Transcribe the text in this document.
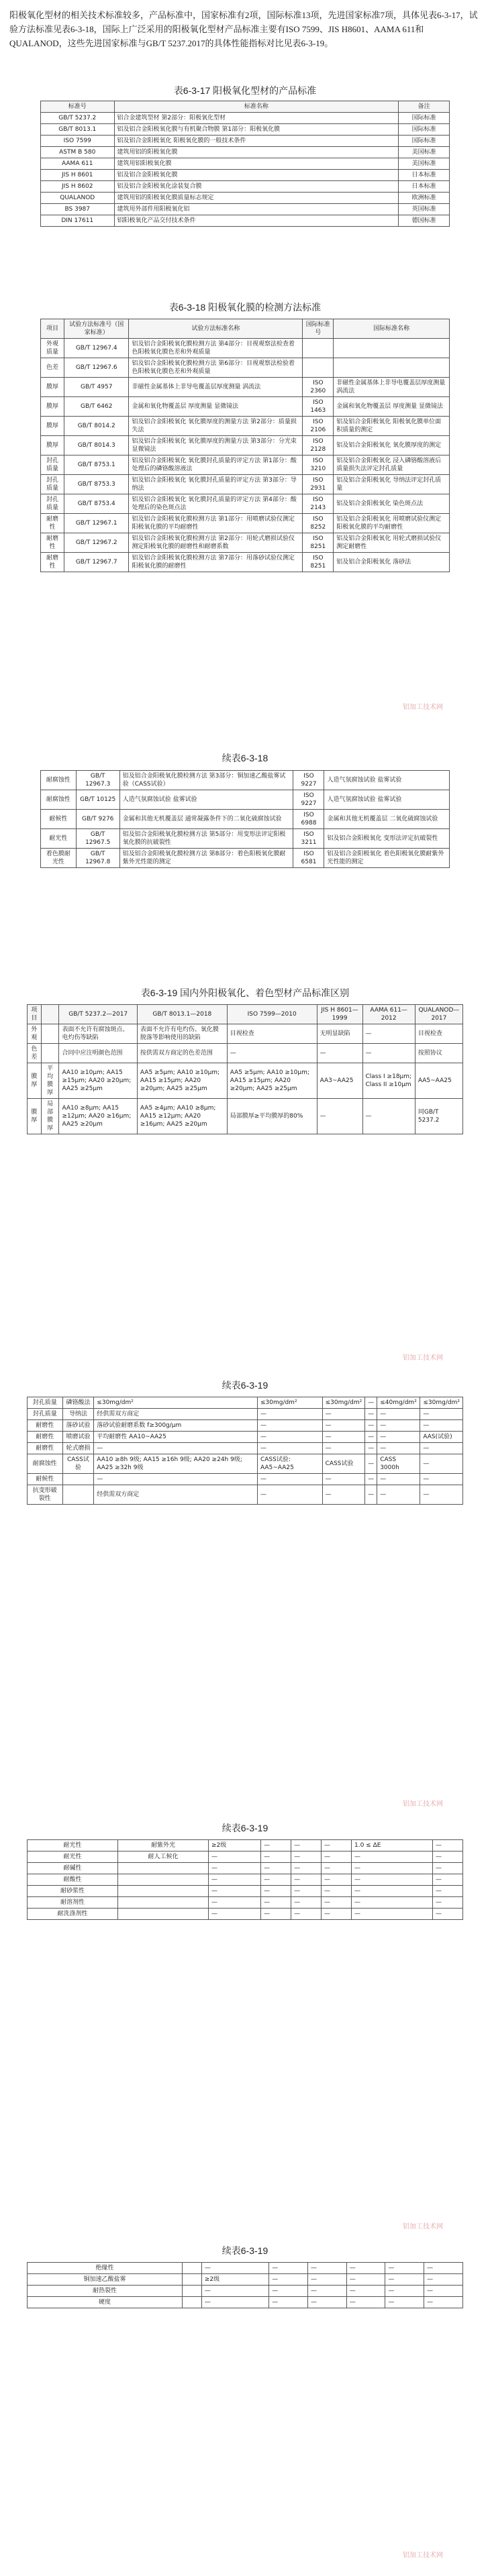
阳极氧化型材的相关技术标准较多，产品标准中，国家标准有2项，国际标准13项，先进国家标准7项，具体见表6-3-17，试验方法标准见表6-3-18，国际上广泛采用的阳极氧化型材产品标准主要有ISO 7599、JIS H8601、AAMA 611和QUALANOD，这些先进国家标准与GB/T 5237.2017的具体性能指标对比见表6-3-19。
表6-3-17 阳极氧化型材的产品标准
标准号	标准名称	备注
GB/T 5237.2	铝合金建筑型材 第2部分：阳极氧化型材	国际标准
GB/T 8013.1	铝及铝合金阳极氧化膜与有机聚合物膜 第1部分：阳极氧化膜	国际标准
ISO 7599	铝及铝合金阳极氧化 阳极氧化膜的一般技术条件	国际标准
ASTM B 580	建筑用铝的阳极氧化膜	美国标准
AAMA 611	建筑用铝阳极氧化膜	美国标准
JIS H 8601	铝及铝合金阳极氧化膜	日本标准
JIS H 8602	铝及铝合金阳极氧化涂装复合膜	日本标准
QUALANOD	建筑用铝的阳极氧化膜质量标志规定	欧洲标准
BS 3987	建筑用外部件用阳极氧化铝	英国标准
DIN 17611	铝阳极氧化产品交付技术条件	德国标准
表6-3-18 阳极氧化膜的检测方法标准
项目	试验方法标准号（国家标准）	试验方法标准名称	国际标准号	国际标准名称
外观质量	GB/T 12967.4	铝及铝合金阳极氧化膜检测方法 第4部分：目视观察法检查着色阳极氧化膜色差和外观质量		
色差	GB/T 12967.6	铝及铝合金阳极氧化膜检测方法 第6部分：目视观察法检验着色阳极氧化膜色差和外观质量		
膜厚	GB/T 4957	非磁性金属基体上非导电覆盖层厚度测量 涡流法	ISO 2360	非磁性金属基体上非导电覆盖层厚度测量 涡流法
膜厚	GB/T 6462	金属和氧化物覆盖层 厚度测量 显微镜法	ISO 1463	金属和氧化物覆盖层 厚度测量 显微镜法
膜厚	GB/T 8014.2	铝及铝合金阳极氧化 氧化膜厚度的测量方法 第2部分：质量损失法	ISO 2106	铝及铝合金阳极氧化 阳极氧化膜单位面积质量的测定
膜厚	GB/T 8014.3	铝及铝合金阳极氧化 氧化膜厚度的测量方法 第3部分：分光束显微镜法	ISO 2128	铝及铝合金阳极氧化 氧化膜厚度的测定
封孔质量	GB/T 8753.1	铝及铝合金阳极氧化 氧化膜封孔质量的评定方法 第1部分：酸处理后的磷铬酸溶液法	ISO 3210	铝及铝合金阳极氧化 浸入磷铬酸溶液后质量损失法评定封孔质量
封孔质量	GB/T 8753.3	铝及铝合金阳极氧化 氧化膜封孔质量的评定方法 第3部分：导纳法	ISO 2931	铝及铝合金阳极氧化 导纳法评定封孔质量
封孔质量	GB/T 8753.4	铝及铝合金阳极氧化 氧化膜封孔质量的评定方法 第4部分：酸处理后的染色斑点法	ISO 2143	铝及铝合金阳极氧化 染色斑点法
耐磨性	GB/T 12967.1	铝及铝合金阳极氧化膜检测方法 第1部分：用喷磨试验仪测定阳极氧化膜的平均耐磨性	ISO 8252	铝及铝合金阳极氧化 用喷磨试验仪测定阳极氧化膜的平均耐磨性
耐磨性	GB/T 12967.2	铝及铝合金阳极氧化膜检测方法 第2部分：用轮式磨损试验仪测定阳极氧化膜的耐磨性和耐磨系数	ISO 8251	铝及铝合金阳极氧化 用轮式磨损试验仪测定耐磨性
耐磨性	GB/T 12967.7	铝及铝合金阳极氧化膜检测方法 第7部分：用落砂试验仪测定阳极氧化膜的耐磨性	ISO 8251	铝及铝合金阳极氧化 落砂法
续表6-3-18
耐腐蚀性	GB/T 12967.3	铝及铝合金阳极氧化膜检测方法 第3部分：铜加速乙酸盐雾试验（CASS试验）	ISO 9227	人造气氛腐蚀试验 盐雾试验
耐腐蚀性	GB/T 10125	人造气氛腐蚀试验 盐雾试验	ISO 9227	人造气氛腐蚀试验 盐雾试验
耐候性	GB/T 9276	金属和其他无机覆盖层 通常凝露条件下的二氧化硫腐蚀试验	ISO 6988	金属和其他无机覆盖层 二氧化硫腐蚀试验
耐光性	GB/T 12967.5	铝及铝合金阳极氧化膜检测方法 第5部分：用变形法评定阳极氧化膜的抗破裂性	ISO 3211	铝及铝合金阳极氧化 变形法评定抗破裂性
着色膜耐光性	GB/T 12967.8	铝及铝合金阳极氧化膜检测方法 第8部分：着色阳极氧化膜耐紫外光性能的测定	ISO 6581	铝及铝合金阳极氧化 着色阳极氧化膜耐紫外光性能的测定
表6-3-19 国内外阳极氧化、着色型材产品标准区别
项目		GB/T 5237.2—2017	GB/T 8013.1—2018	ISO 7599—2010	JIS H 8601—1999	AAMA 611—2012	QUALANOD—2017
外观		表面不允许有腐蚀斑点、电灼伤等缺陷	表面不允许有电灼伤、氧化膜脱落等影响使用的缺陷	目视检查	无明显缺陷	—	目视检查
色差		合同中应注明颜色范围	按供需双方商定的色差范围	—	—	—	按照协议
膜厚	平均膜厚	AA10 ≥10μm; AA15 ≥15μm; AA20 ≥20μm; AA25 ≥25μm	AA5 ≥5μm; AA10 ≥10μm; AA15 ≥15μm; AA20 ≥20μm; AA25 ≥25μm	AA5 ≥5μm; AA10 ≥10μm; AA15 ≥15μm; AA20 ≥20μm; AA25 ≥25μm	AA3~AA25	Class I ≥18μm; Class II ≥10μm	AA5~AA25
膜厚	局部膜厚	AA10 ≥8μm; AA15 ≥12μm; AA20 ≥16μm; AA25 ≥20μm	AA5 ≥4μm; AA10 ≥8μm; AA15 ≥12μm; AA20 ≥16μm; AA25 ≥20μm	局部膜厚≥平均膜厚的80%	—	—	同GB/T 5237.2
续表6-3-19
封孔质量	磷铬酸法	≤30mg/dm²	≤30mg/dm²	≤30mg/dm²	—	≤40mg/dm²	≤30mg/dm²
封孔质量	导纳法	经供需双方商定	—	—	—	—	—
耐磨性	落砂试验	落砂试验耐磨系数 f≥300g/μm	—	—	—	—	—
耐磨性	喷磨试验	平均耐磨性 AA10~AA25	—	—	—	—	AAS(试验)
耐磨性	轮式磨损	—	—	—	—	—	—
耐腐蚀性	CASS试验	AA10 ≥8h 9级; AA15 ≥16h 9级; AA20 ≥24h 9级; AA25 ≥32h 9级	CASS试验: AA5~AA25	CASS试验	—	CASS 3000h	—
耐候性		—	—	—	—	—	—
抗变形破裂性		经供需双方商定	—	—	—	—	—
续表6-3-19
耐光性	耐紫外光	≥2级	—	—	—	1.0 ≤ ΔE	—
耐光性	耐人工候化	—	—	—	—	—	—
耐碱性		—	—	—	—	—	—
耐酸性		—	—	—	—	—	—
耐砂浆性		—	—	—	—	—	—
耐溶剂性		—	—	—	—	—	—
耐洗涤剂性		—	—	—	—	—	—
续表6-3-19
绝缘性		—	—	—	—	—	—
铜加速乙酸盐雾		≥2级	—	—	—	—	—
耐热裂性		—	—	—	—	—	—
硬度		—	—	—	—	—	—
铝加工技术网
铝加工技术网
铝加工技术网
铝加工技术网
铝加工技术网
